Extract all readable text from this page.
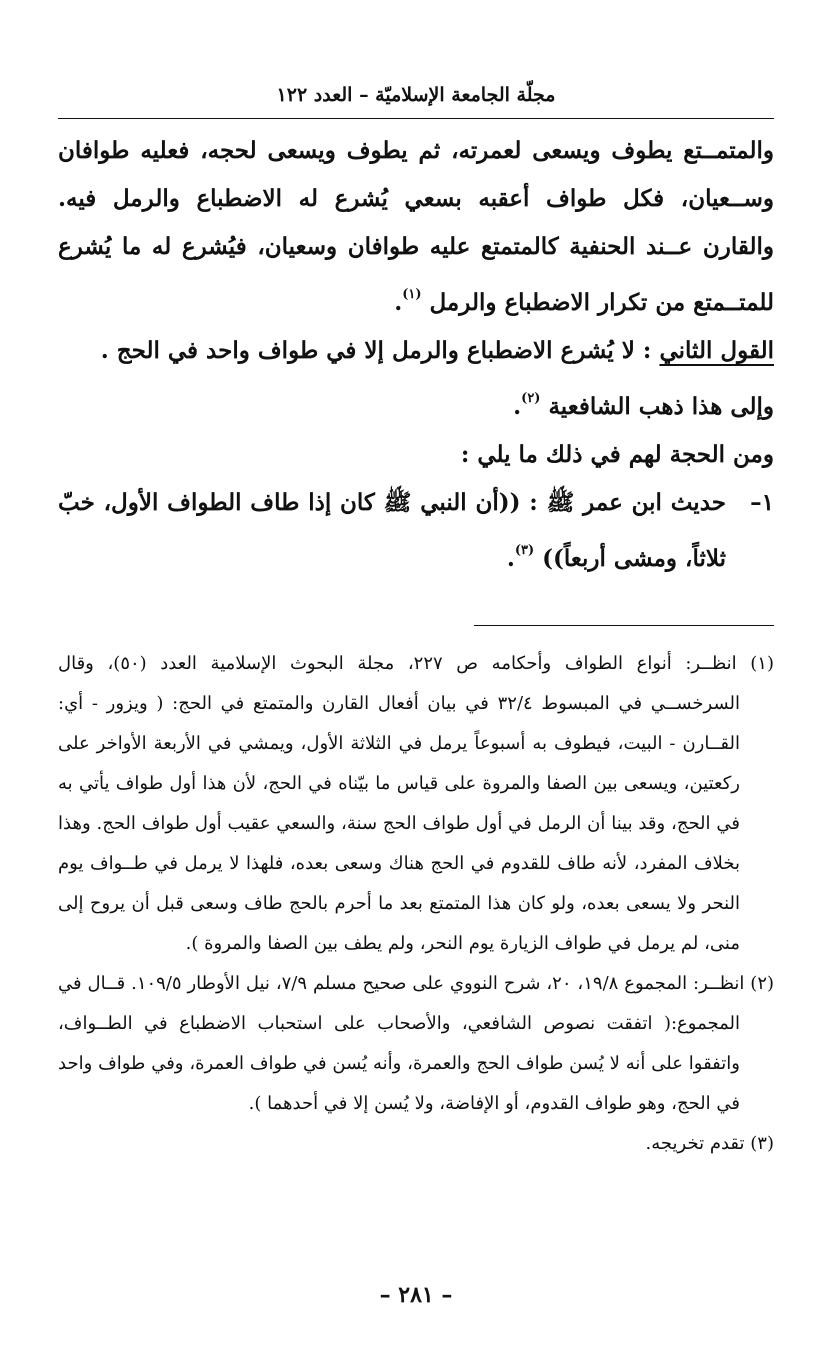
مجلّة الجامعة الإسلاميّة – العدد ١٢٢

والمتمــتع يطوف ويسعى لعمرته، ثم يطوف ويسعى لحجه، فعليه طوافان وســعيان، فكل طواف أعقبه بسعي يُشرع له الاضطباع والرمل فيه. والقارن عــند الحنفية كالمتمتع عليه طوافان وسعيان، فيُشرع له ما يُشرع للمتــمتع من تكرار الاضطباع والرمل $^{(١)}$.

القول الثاني : لا يُشرع الاضطباع والرمل إلا في طواف واحد في الحج .

وإلى هذا ذهب الشافعية $^{(٢)}$.

ومن الحجة لهم في ذلك ما يلي :

١–
حديث ابن عمر ﷺ : ((أن النبي ﷺ كان إذا طاف الطواف الأول، خبّ ثلاثاً، ومشى أربعاً)) $^{(٣)}$.

(١) انظــر: أنواع الطواف وأحكامه ص ٢٢٧، مجلة البحوث الإسلامية العدد (٥٠)، وقال السرخســي في المبسوط ٣٢/٤ في بيان أفعال القارن والمتمتع في الحج: ( ويزور - أي: القــارن - البيت، فيطوف به أسبوعاً يرمل في الثلاثة الأول، ويمشي في الأربعة الأواخر على ركعتين، ويسعى بين الصفا والمروة على قياس ما بيّناه في الحج، لأن هذا أول طواف يأتي به في الحج، وقد بينا أن الرمل في أول طواف الحج سنة، والسعي عقيب أول طواف الحج. وهذا بخلاف المفرد، لأنه طاف للقدوم في الحج هناك وسعى بعده، فلهذا لا يرمل في طــواف يوم النحر ولا يسعى بعده، ولو كان هذا المتمتع بعد ما أحرم بالحج طاف وسعى قبل أن يروح إلى منى، لم يرمل في طواف الزيارة يوم النحر، ولم يطف بين الصفا والمروة ).

(٢) انظــر: المجموع ١٩/٨، ٢٠، شرح النووي على صحيح مسلم ٧/٩، نيل الأوطار ١٠٩/٥. قــال في المجموع:( اتفقت نصوص الشافعي، والأصحاب على استحباب الاضطباع في الطــواف، واتفقوا على أنه لا يُسن طواف الحج والعمرة، وأنه يُسن في طواف العمرة، وفي طواف واحد في الحج، وهو طواف القدوم، أو الإفاضة، ولا يُسن إلا في أحدهما ).

(٣) تقدم تخريجه.

– ٢٨١ –
